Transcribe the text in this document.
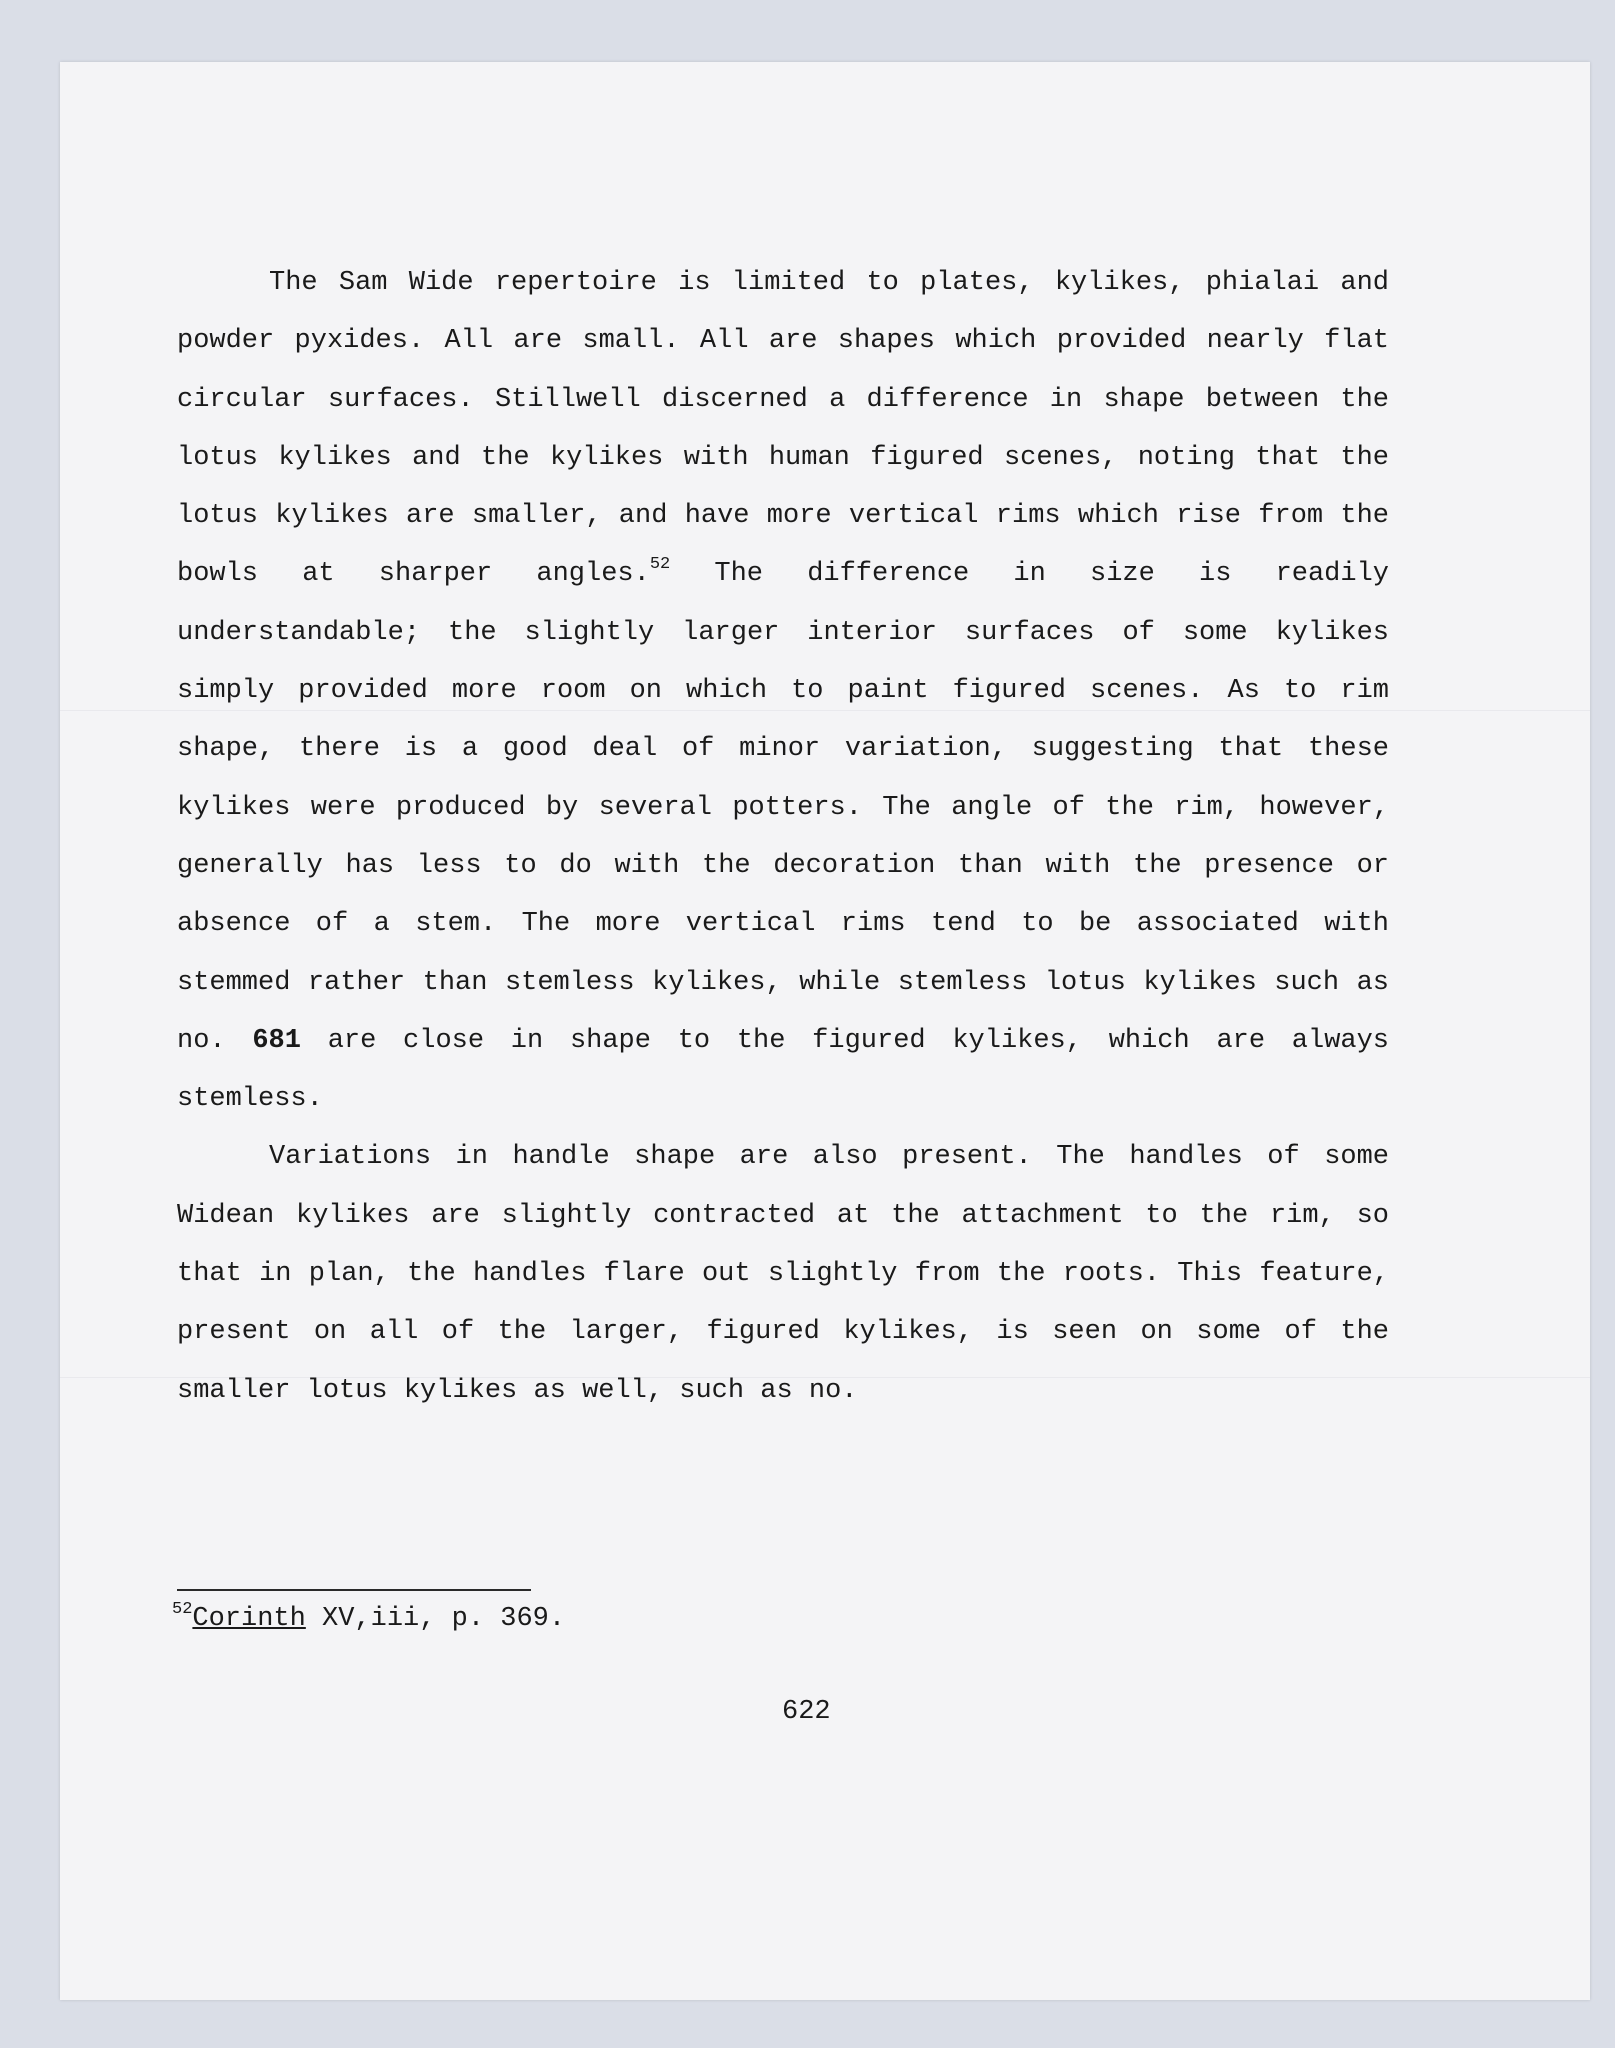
The Sam Wide repertoire is limited to plates, kylikes, phialai and powder pyxides. All are small. All are shapes which provided nearly flat circular surfaces. Stillwell discerned a difference in shape between the lotus kylikes and the kylikes with human figured scenes, noting that the lotus kylikes are smaller, and have more vertical rims which rise from the bowls at sharper angles.$^{52}$ The difference in size is readily understandable; the slightly larger interior surfaces of some kylikes simply provided more room on which to paint figured scenes. As to rim shape, there is a good deal of minor variation, suggesting that these kylikes were produced by several potters. The angle of the rim, however, generally has less to do with the decoration than with the presence or absence of a stem. The more vertical rims tend to be associated with stemmed rather than stemless kylikes, while stemless lotus kylikes such as no. 681 are close in shape to the figured kylikes, which are always stemless.

Variations in handle shape are also present. The handles of some Widean kylikes are slightly contracted at the attachment to the rim, so that in plan, the handles flare out slightly from the roots. This feature, present on all of the larger, figured kylikes, is seen on some of the smaller lotus kylikes as well, such as no.

$^{52}$Corinth XV,iii, p. 369.
622
